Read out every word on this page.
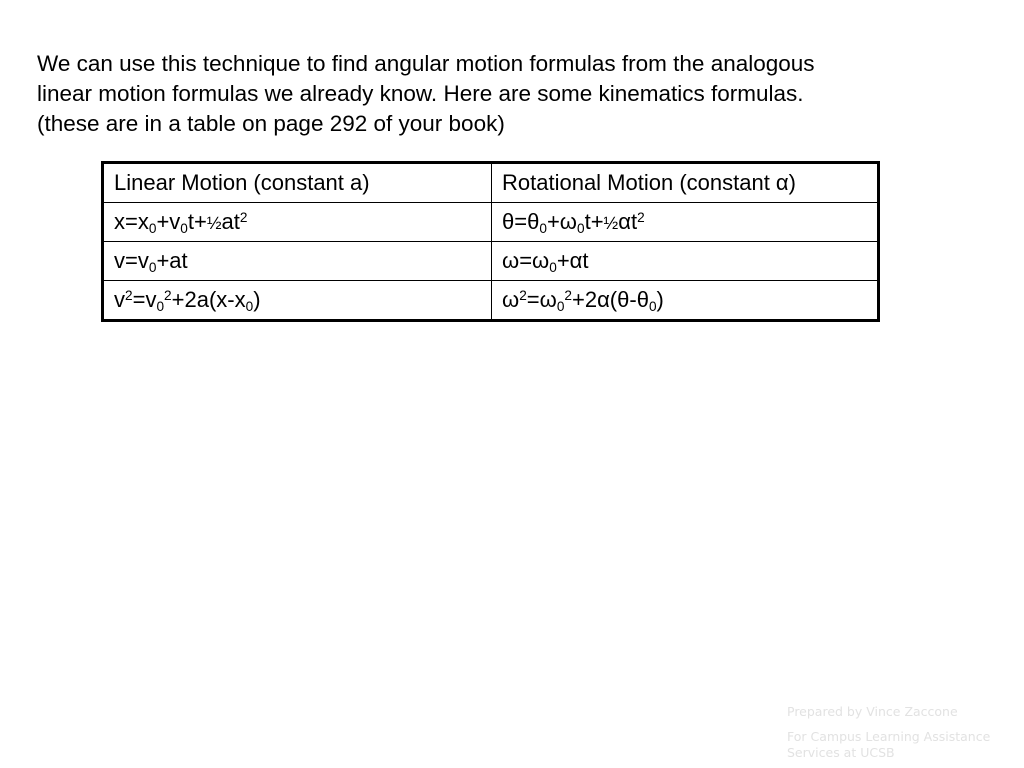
We can use this technique to find angular motion formulas from the analogous

linear motion formulas we already know. Here are some kinematics formulas.

(these are in a table on page 292 of your book)

Linear Motion (constant a)	Rotational Motion (constant α)
$x=x_0+v_0t+\frac{1}{2}at^2$	$\theta=\theta_0+\omega_0t+\frac{1}{2}\alpha t^2$
$v=v_0+at$	$\omega=\omega_0+\alpha t$
$v^2=v_0^2+2a(x-x_0)$	$\omega^2=\omega_0^2+2\alpha(\theta-\theta_0)$
Prepared by Vince Zaccone
For Campus Learning Assistance Services at UCSB
